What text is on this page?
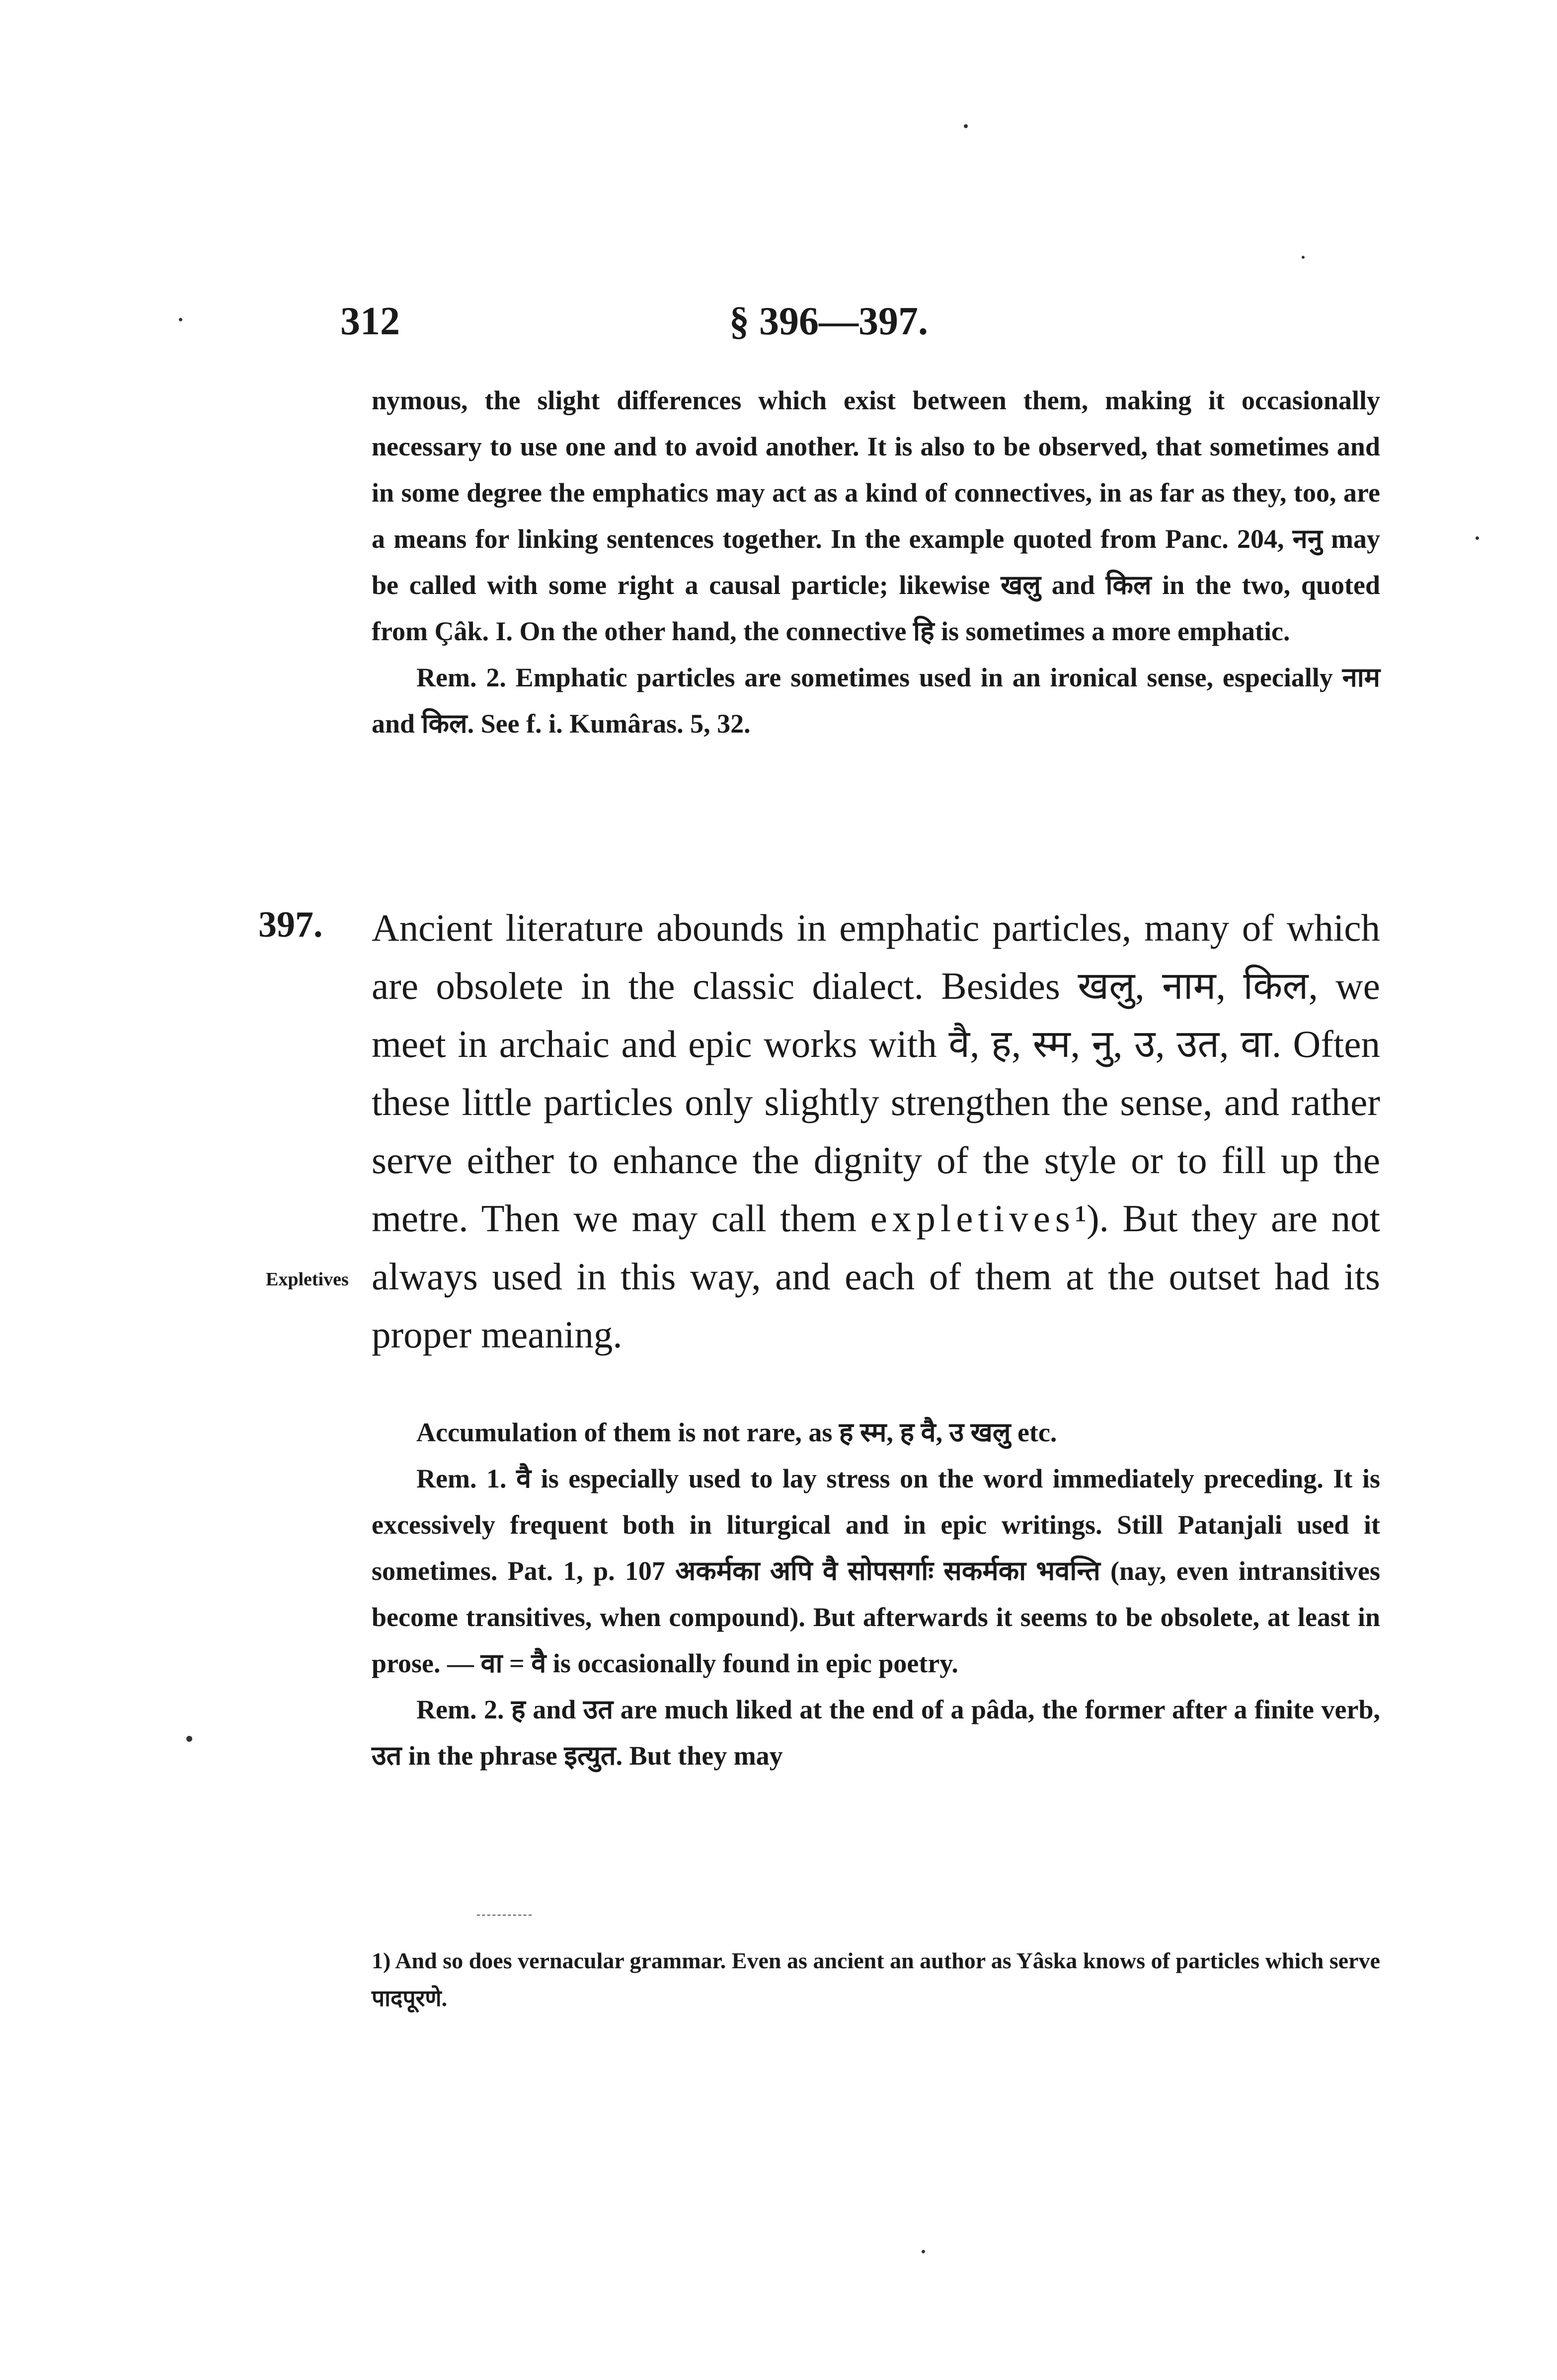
312	§ 396—397.

nymous, the slight differences which exist between them, making it occasionally necessary to use one and to avoid another. It is also to be observed, that sometimes and in some degree the emphatics may act as a kind of connectives, in as far as they, too, are a means for linking sentences together. In the example quoted from Panc. 204, ननु may be called with some right a causal particle; likewise खलु and किल in the two, quoted from Çâk. I. On the other hand, the connective हि is sometimes a more emphatic.

Rem. 2. Emphatic particles are sometimes used in an ironical sense, especially नाम and किल. See f. i. Kumâras. 5, 32.

397.
Expletives

Ancient literature abounds in emphatic particles, many of which are obsolete in the classic dialect. Besides खलु, नाम, किल, we meet in archaic and epic works with वै, ह, स्म, नु, उ, उत, वा. Often these little particles only slightly strengthen the sense, and rather serve either to enhance the dignity of the style or to fill up the metre. Then we may call them expletives¹). But they are not always used in this way, and each of them at the outset had its proper meaning.

Accumulation of them is not rare, as ह स्म, ह वै, उ खलु etc.

Rem. 1. वै is especially used to lay stress on the word immediately preceding. It is excessively frequent both in liturgical and in epic writings. Still Patanjali used it sometimes. Pat. 1, p. 107 अकर्मका अपि वै सोपसर्गाः सकर्मका भवन्ति (nay, even intransitives become transitives, when compound). But afterwards it seems to be obsolete, at least in prose. — वा = वै is occasionally found in epic poetry.

Rem. 2. ह and उत are much liked at the end of a pâda, the former after a finite verb, उत in the phrase इत्युत. But they may

1) And so does vernacular grammar. Even as ancient an author as Yâska knows of particles which serve पादपूरणे.
